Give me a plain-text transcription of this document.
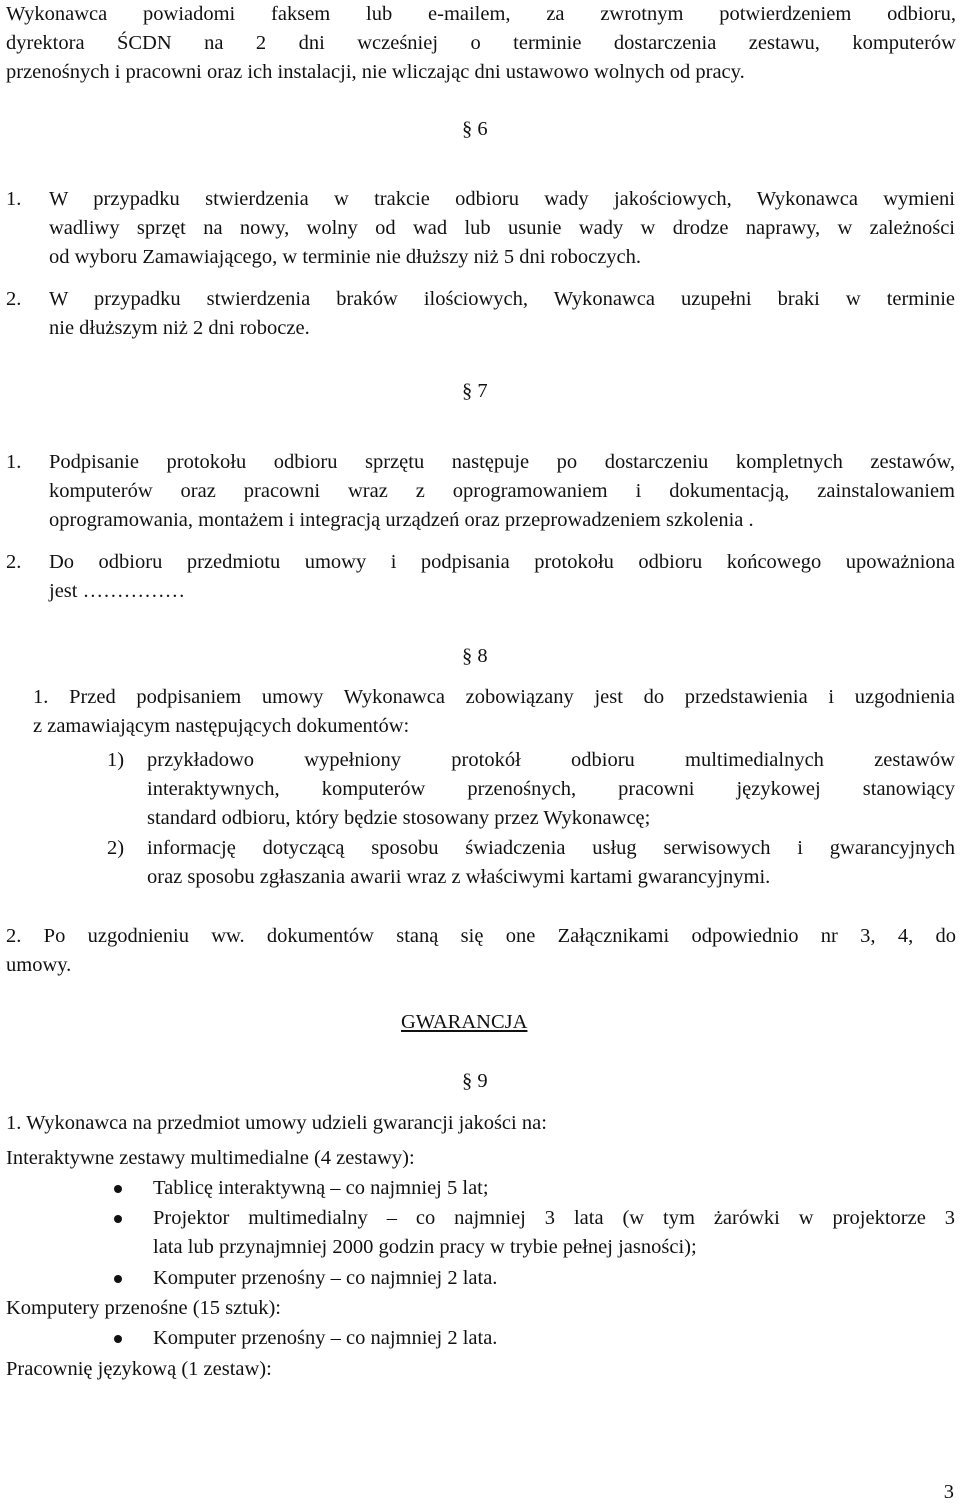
Wykonawca powiadomi faksem lub e-mailem, za zwrotnym potwierdzeniem odbioru,
dyrektora ŚCDN na 2 dni wcześniej o terminie dostarczenia zestawu, komputerów
przenośnych i pracowni oraz ich instalacji, nie wliczając dni ustawowo wolnych od pracy.
§ 6
1. W przypadku stwierdzenia w trakcie odbioru wady jakościowych, Wykonawca wymieni
wadliwy sprzęt na nowy, wolny od wad lub usunie wady w drodze naprawy, w zależności
od wyboru Zamawiającego, w terminie nie dłuższy niż 5 dni roboczych.
2. W przypadku stwierdzenia braków ilościowych, Wykonawca uzupełni braki w terminie
nie dłuższym niż 2 dni robocze.
§ 7
1. Podpisanie protokołu odbioru sprzętu następuje po dostarczeniu kompletnych zestawów,
komputerów oraz pracowni wraz z oprogramowaniem i dokumentacją, zainstalowaniem
oprogramowania, montażem i integracją urządzeń oraz przeprowadzeniem szkolenia .
2. Do odbioru przedmiotu umowy i podpisania protokołu odbioru końcowego upoważniona
jest ……………
§ 8
1. Przed podpisaniem umowy Wykonawca zobowiązany jest do przedstawienia i uzgodnienia
z zamawiającym następujących dokumentów:
1) przykładowo wypełniony protokół odbioru multimedialnych zestawów
interaktywnych, komputerów przenośnych, pracowni językowej stanowiący
standard odbioru, który będzie stosowany przez Wykonawcę;
2) informację dotyczącą sposobu świadczenia usług serwisowych i gwarancyjnych
oraz sposobu zgłaszania awarii wraz z właściwymi kartami gwarancyjnymi.
2. Po uzgodnieniu ww. dokumentów staną się one Załącznikami odpowiednio nr 3, 4, do
umowy.
GWARANCJA
§ 9
1. Wykonawca na przedmiot umowy udzieli gwarancji jakości na:
Interaktywne zestawy multimedialne (4 zestawy):
Tablicę interaktywną – co najmniej 5 lat;
Projektor multimedialny – co najmniej 3 lata (w tym żarówki w projektorze 3
lata lub przynajmniej 2000 godzin pracy w trybie pełnej jasności);
Komputer przenośny – co najmniej 2 lata.
Komputery przenośne (15 sztuk):
Komputer przenośny – co najmniej 2 lata.
Pracownię językową (1 zestaw):
3
